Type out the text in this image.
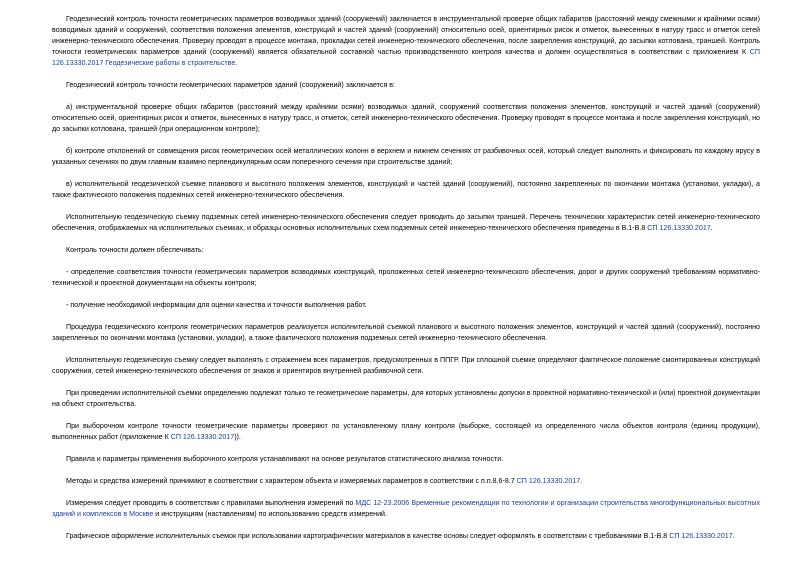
Геодезический контроль точности геометрических параметров возводимых зданий (сооружений) заключается в инструментальной проверке общих габаритов (расстояний между смежными и крайними осями) возводимых зданий и сооружений, соответствия положения элементов, конструкций и частей зданий (сооружений) относительно осей, ориентирных рисок и отметок, вынесенных в натуру трасс и отметок сетей инженерно-технического обеспечения. Проверку проводят в процессе монтажа, прокладки сетей инженерно-технического обеспечения, после закрепления конструкций, до засыпки котлована, траншей. Контроль точности геометрических параметров зданий (сооружений) является обязательной составной частью производственного контроля качества и должен осуществляться в соответствии с приложением К СП 126.13330.2017 Геодезические работы в строительстве.

Геодезический контроль точности геометрических параметров зданий (сооружений) заключается в:

а) инструментальной проверке общих габаритов (расстояний между крайними осями) возводимых зданий, сооружений соответствия положения элементов, конструкций и частей зданий (сооружений) относительно осей, ориентирных рисок и отметок, вынесенных в натуру трасс, и отметок, сетей инженерно-технического обеспечения. Проверку проводят в процессе монтажа и после закрепления конструкций, но до засыпки котлована, траншей (при операционном контроле);

б) контроле отклонений от совмещения рисок геометрических осей металлических колонн в верхнем и нижнем сечениях от разбивочных осей, который следует выполнять и фиксировать по каждому ярусу в указанных сечениях по двум главным взаимно перпендикулярным осям поперечного сечения при строительстве зданий;

в) исполнительной геодезической съемке планового и высотного положения элементов, конструкций и частей зданий (сооружений), постоянно закрепленных по окончании монтажа (установки, укладки), а также фактического положения подземных сетей инженерно-технического обеспечения.

Исполнительную геодезическую съемку подземных сетей инженерно-технического обеспечения следует проводить до засыпки траншей. Перечень технических характеристик сетей инженерно-технического обеспечения, отображаемых на исполнительных съемках, и образцы основных исполнительных схем подземных сетей инженерно-технического обеспечения приведены в В.1-В.8 СП 126.13330.2017.

Контроль точности должен обеспечивать:

- определение соответствия точности геометрических параметров возводимых конструкций, проложенных сетей инженерно-технического обеспечения, дорог и других сооружений требованиям нормативно-технической и проектной документации на объекты контроля;

- получение необходимой информации для оценки качества и точности выполнения работ.

Процедура геодезического контроля геометрических параметров реализуется исполнительной съемкой планового и высотного положения элементов, конструкций и частей зданий (сооружений), постоянно закрепленных по окончании монтажа (установки, укладки), а также фактического положения подземных сетей инженерно-технического обеспечения.

Исполнительную геодезическую съемку следует выполнять с отражением всех параметров, предусмотренных в ППГР. При сплошной съемке определяют фактическое положение смонтированных конструкций сооружения, сетей инженерно-технического обеспечения от знаков и ориентиров внутренней разбивочной сети.

При проведении исполнительной съемки определению подлежат только те геометрические параметры, для которых установлены допуски в проектной нормативно-технической и (или) проектной документации на объект строительства.

При выборочном контроле точности геометрические параметры проверяют по установленному плану контроля (выборке, состоящей из определенного числа объектов контроля (единиц продукции), выполненных работ (приложение К СП 126.13330.2017)).

Правила и параметры применения выборочного контроля устанавливают на основе результатов статистического анализа точности.

Методы и средства измерений принимают в соответствии с характером объекта и измеряемых параметров в соответствии с п.п.8.6-8.7 СП 126.13330.2017.

Измерения следует проводить в соответствии с правилами выполнения измерений по МДС 12-23.2006 Временные рекомендации по технологии и организации строительства многофункциональных высотных зданий и комплексов в Москве и инструкциям (наставлениям) по использованию средств измерений.

Графическое оформление исполнительных съемок при использовании картографических материалов в качестве основы следует оформлять в соответствии с требованиями В.1-В.8 СП 126.13330.2017.
